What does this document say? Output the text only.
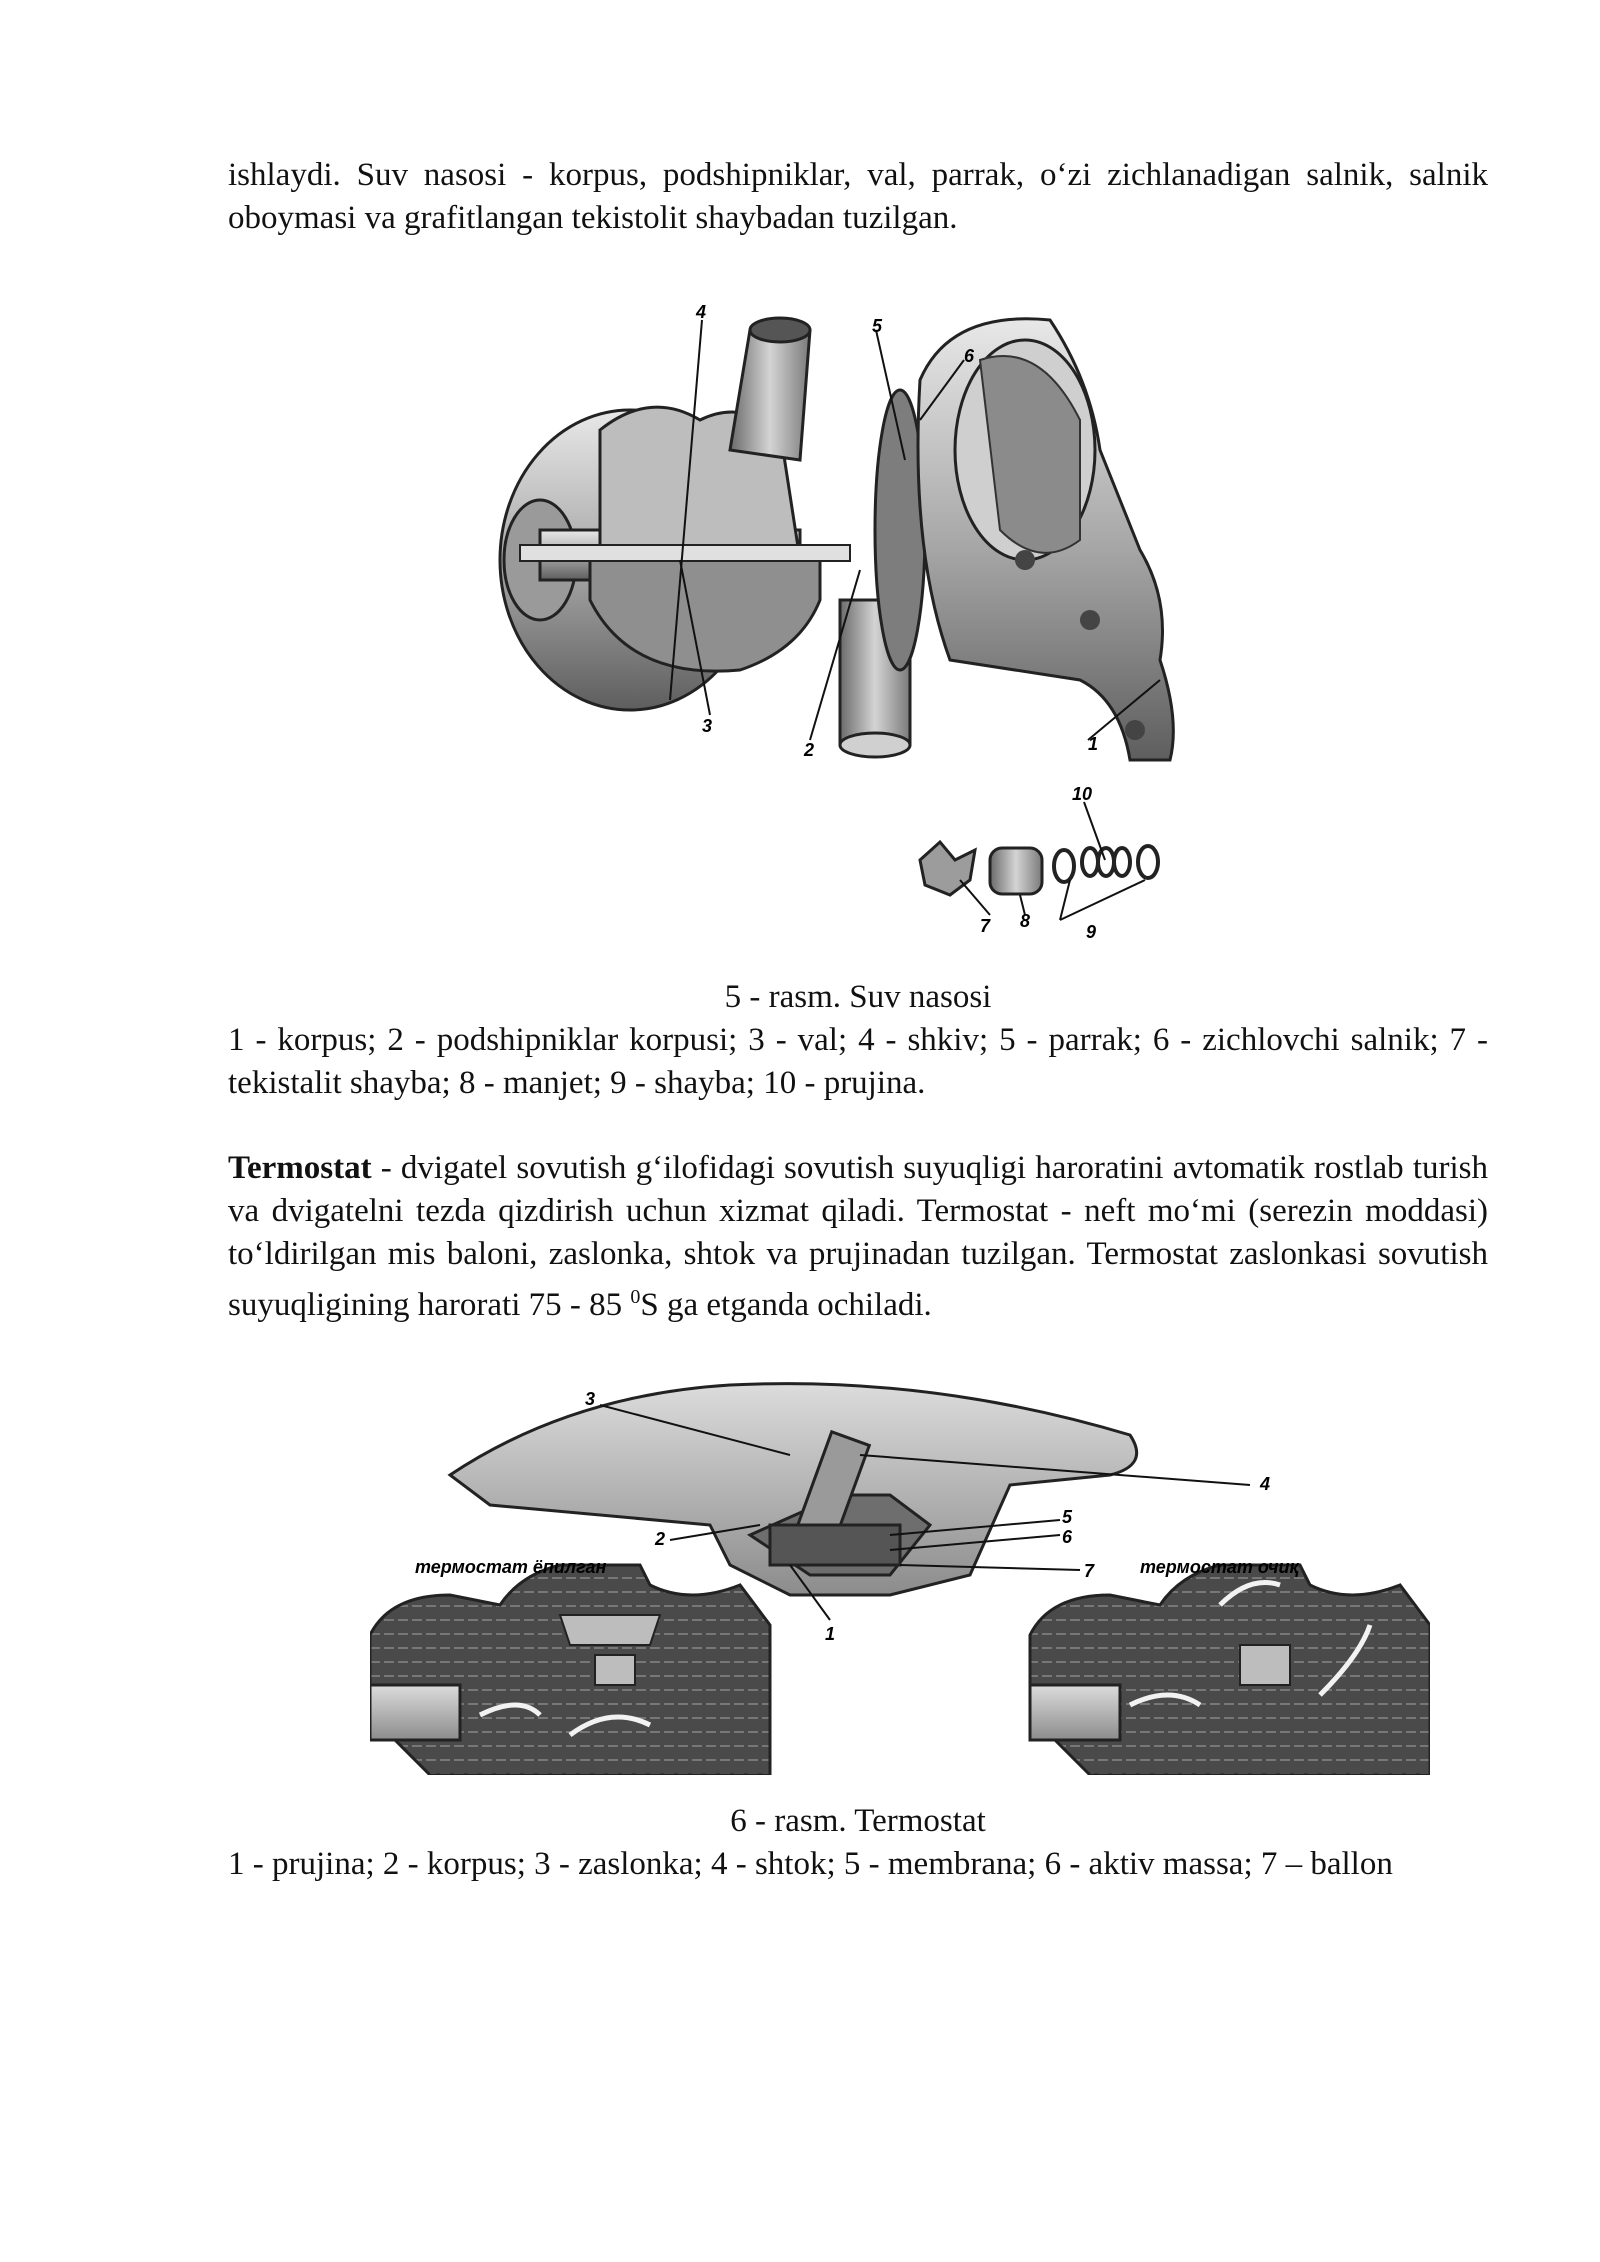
ishlaydi. Suv nasosi - korpus, podshipniklar, val, parrak, o‘zi zichlanadigan salnik, salnik oboymasi va grafitlangan tekistolit shaybadan tuzilgan.

1
2
3
4
5
6
7 8
9
10

5 - rasm. Suv nasosi

1 - korpus; 2 - podshipniklar korpusi; 3 - val; 4 - shkiv; 5 - parrak; 6 - zichlovchi salnik; 7 - tekistalit shayba; 8 - manjet; 9 - shayba; 10 - prujina.

Termostat - dvigatel sovutish g‘ilofidagi sovutish suyuqligi haroratini avtomatik rostlab turish va dvigatelni tezda qizdirish uchun xizmat qiladi. Termostat - neft mo‘mi (serezin moddasi) to‘ldirilgan mis baloni, zaslonka, shtok va prujinadan tuzilgan. Termostat zaslonkasi sovutish suyuqligining harorati 75 - 85 $^0$S ga etganda ochiladi.

1
2
3
4
5
6
7
термостат ёпилган	термостат очиқ

6 - rasm. Termostat

1 - prujina; 2 - korpus; 3 - zaslonka; 4 - shtok; 5 - membrana; 6 - aktiv massa; 7 – ballon
